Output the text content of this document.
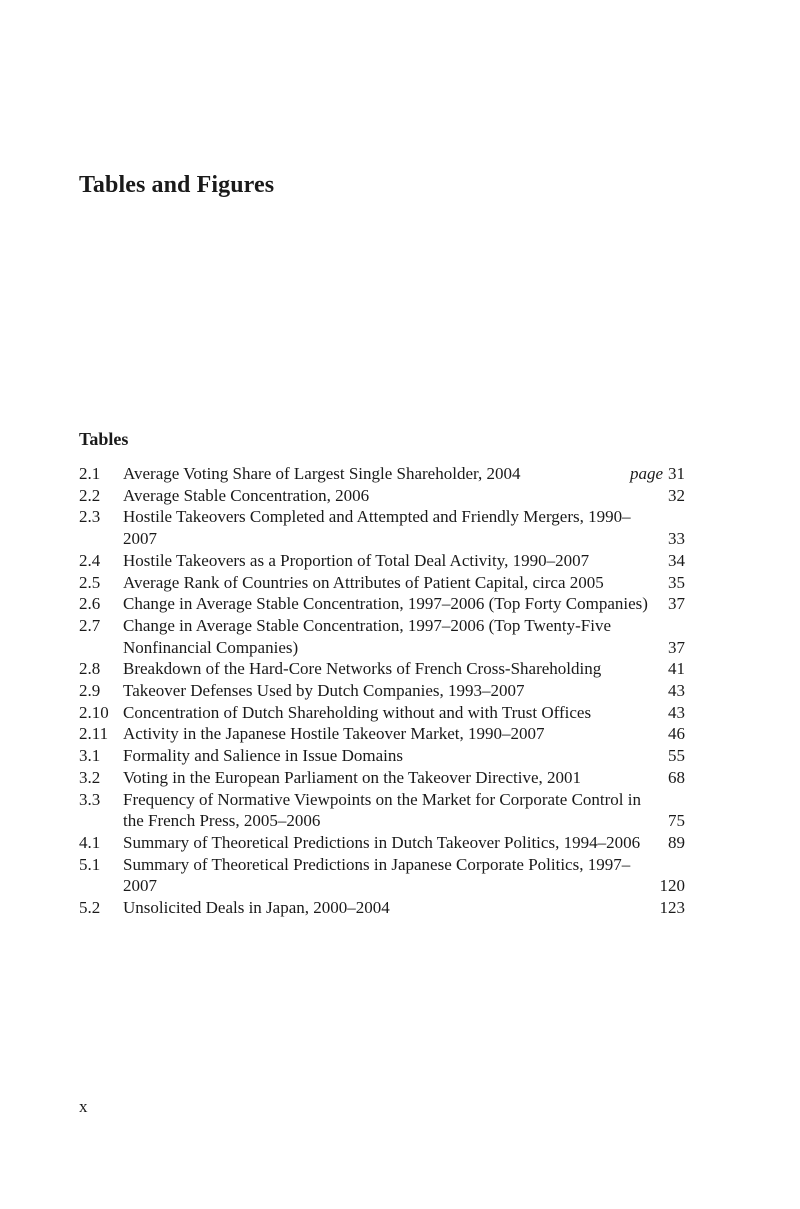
Tables and Figures
Tables
2.1	Average Voting Share of Largest Single Shareholder, 2004	page 31
2.2	Average Stable Concentration, 2006	32
2.3	Hostile Takeovers Completed and Attempted and Friendly Mergers, 1990–2007	33
2.4	Hostile Takeovers as a Proportion of Total Deal Activity, 1990–2007	34
2.5	Average Rank of Countries on Attributes of Patient Capital, circa 2005	35
2.6	Change in Average Stable Concentration, 1997–2006 (Top Forty Companies)	37
2.7	Change in Average Stable Concentration, 1997–2006 (Top Twenty-Five Nonfinancial Companies)	37
2.8	Breakdown of the Hard-Core Networks of French Cross-Shareholding	41
2.9	Takeover Defenses Used by Dutch Companies, 1993–2007	43
2.10 Concentration of Dutch Shareholding without and with Trust Offices	43
2.11 Activity in the Japanese Hostile Takeover Market, 1990–2007	46
3.1	Formality and Salience in Issue Domains	55
3.2	Voting in the European Parliament on the Takeover Directive, 2001	68
3.3	Frequency of Normative Viewpoints on the Market for Corporate Control in the French Press, 2005–2006	75
4.1	Summary of Theoretical Predictions in Dutch Takeover Politics, 1994–2006	89
5.1	Summary of Theoretical Predictions in Japanese Corporate Politics, 1997–2007	120
5.2	Unsolicited Deals in Japan, 2000–2004	123

x
